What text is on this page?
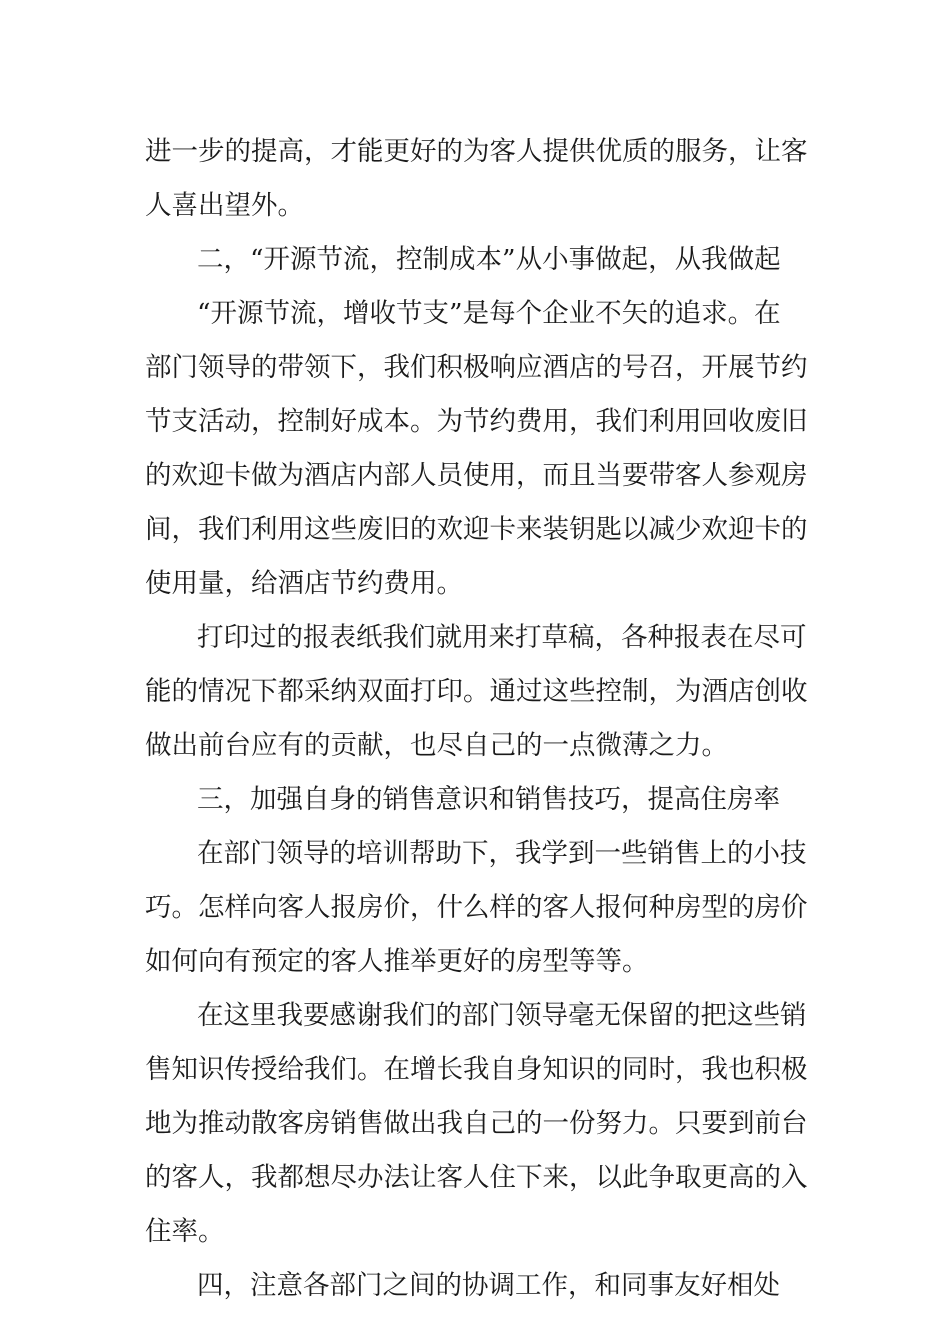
进一步的提高，才能更好的为客人提供优质的服务，让客
人喜出望外。
二，“开源节流，控制成本”从小事做起，从我做起
“开源节流，增收节支”是每个企业不矢的追求。在
部门领导的带领下，我们积极响应酒店的号召，开展节约
节支活动，控制好成本。为节约费用，我们利用回收废旧
的欢迎卡做为酒店内部人员使用，而且当要带客人参观房
间，我们利用这些废旧的欢迎卡来装钥匙以减少欢迎卡的
使用量，给酒店节约费用。
打印过的报表纸我们就用来打草稿，各种报表在尽可
能的情况下都采纳双面打印。通过这些控制，为酒店创收
做出前台应有的贡献，也尽自己的一点微薄之力。
三，加强自身的销售意识和销售技巧，提高住房率
在部门领导的培训帮助下，我学到一些销售上的小技
巧。怎样向客人报房价，什么样的客人报何种房型的房价
如何向有预定的客人推举更好的房型等等。
在这里我要感谢我们的部门领导毫无保留的把这些销
售知识传授给我们。在增长我自身知识的同时，我也积极
地为推动散客房销售做出我自己的一份努力。只要到前台
的客人，我都想尽办法让客人住下来，以此争取更高的入
住率。
四，注意各部门之间的协调工作，和同事友好相处
